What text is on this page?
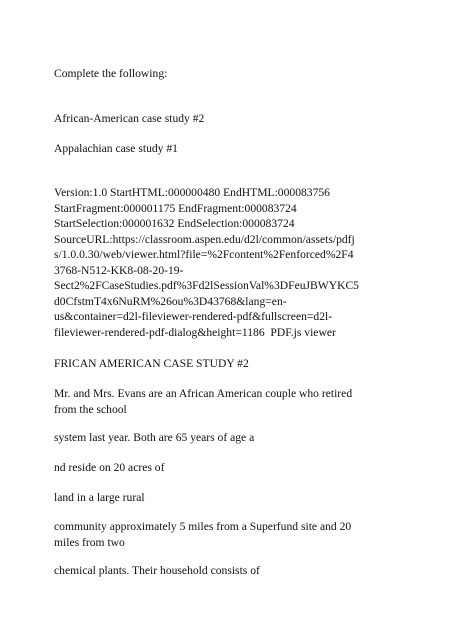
Complete the following:

African-American case study #2

Appalachian case study #1

Version:1.0 StartHTML:000000480 EndHTML:000083756
StartFragment:000001175 EndFragment:000083724
StartSelection:000001632 EndSelection:000083724
SourceURL:https://classroom.aspen.edu/d2l/common/assets/pdfj
s/1.0.0.30/web/viewer.html?file=%2Fcontent%2Fenforced%2F4
3768-N512-KK8-08-20-19-
Sect2%2FCaseStudies.pdf%3Fd2lSessionVal%3DFeuJBWYKC5
d0CfstmT4x6NuRM%26ou%3D43768&lang=en-
us&container=d2l-fileviewer-rendered-pdf&fullscreen=d2l-
fileviewer-rendered-pdf-dialog&height=1186  PDF.js viewer

FRICAN AMERICAN CASE STUDY #2

Mr. and Mrs. Evans are an African American couple who retired
from the school

system last year. Both are 65 years of age a

nd reside on 20 acres of

land in a large rural

community approximately 5 miles from a Superfund site and 20
miles from two

chemical plants. Their household consists of
